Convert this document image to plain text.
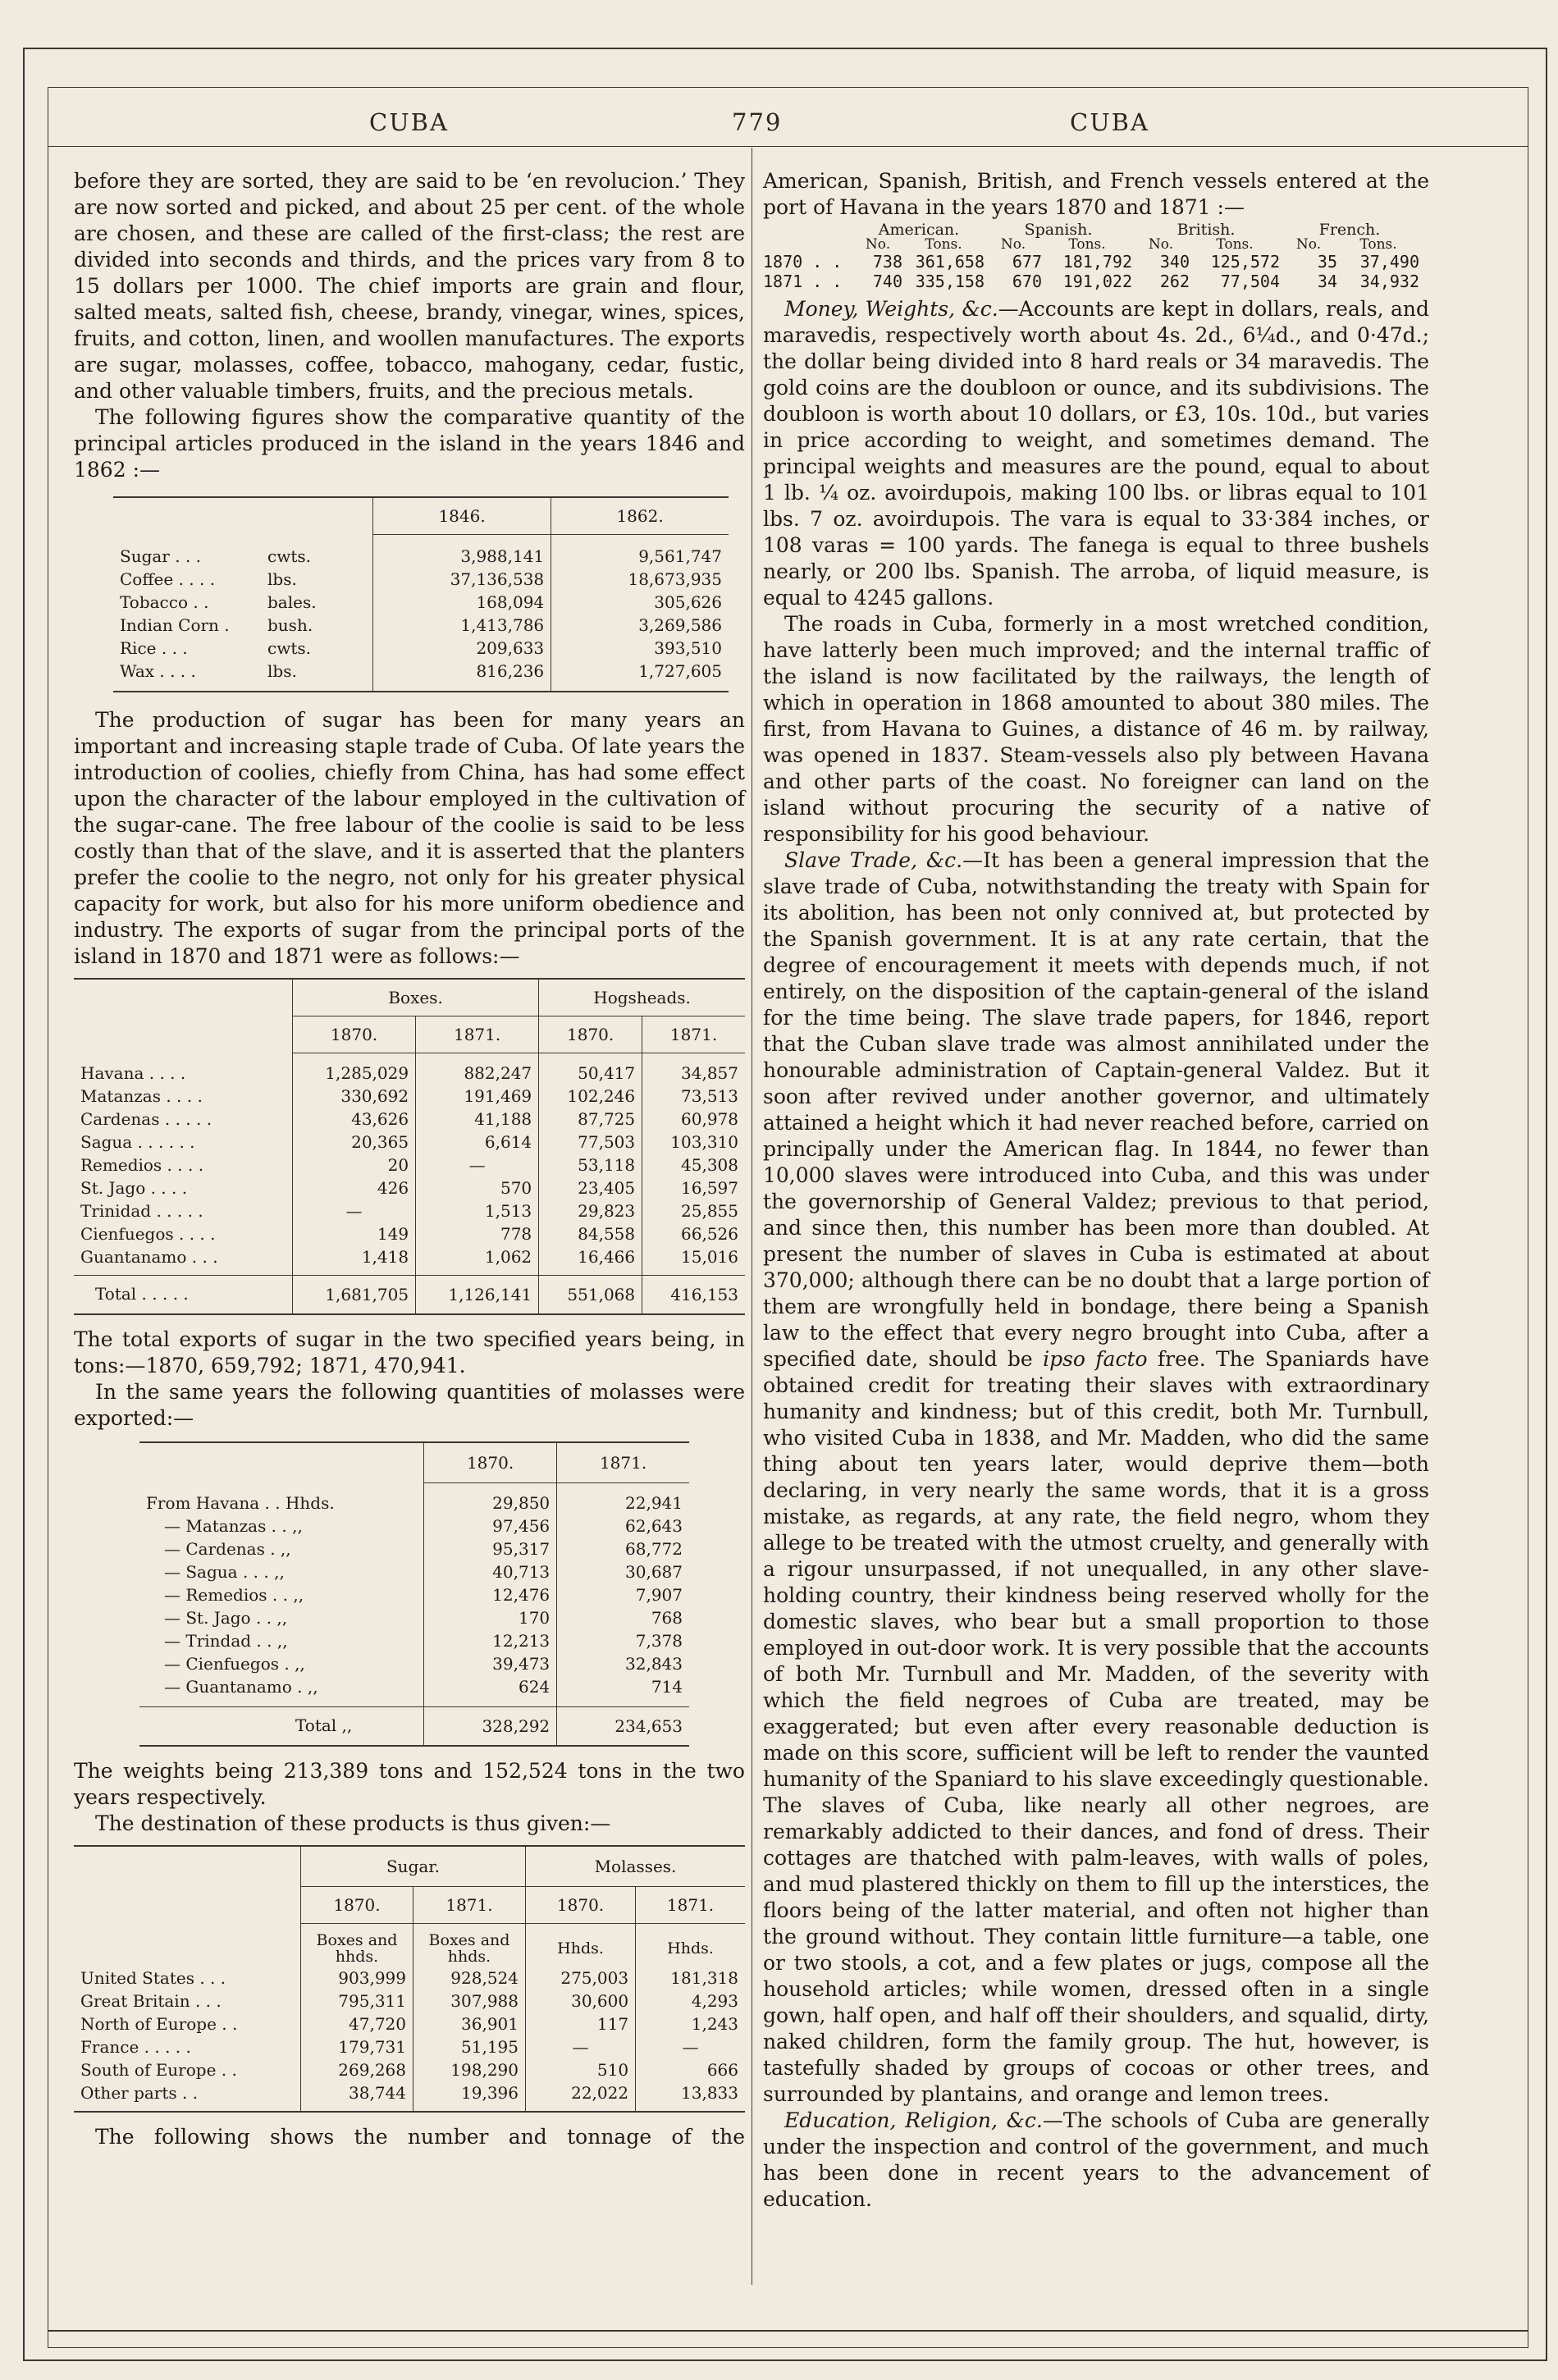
CUBA	779	CUBA

before they are sorted, they are said to be ‘en revolucion.’ They are now sorted and picked, and about 25 per cent. of the whole are chosen, and these are called of the first-class; the rest are divided into seconds and thirds, and the prices vary from 8 to 15 dollars per 1000. The chief imports are grain and flour, salted meats, salted fish, cheese, brandy, vinegar, wines, spices, fruits, and cotton, linen, and woollen manufactures. The exports are sugar, molasses, coffee, tobacco, mahogany, cedar, fustic, and other valuable timbers, fruits, and the precious metals.

The following figures show the comparative quantity of the principal articles produced in the island in the years 1846 and 1862 :—

	1846.	1862.
Sugar . . . cwts.	3,988,141	9,561,747
Coffee . . . . lbs.	37,136,538	18,673,935
Tobacco . . bales.	168,094	305,626
Indian Corn . bush.	1,413,786	3,269,586
Rice . . . cwts.	209,633	393,510
Wax . . . . lbs.	816,236	1,727,605

The production of sugar has been for many years an important and increasing staple trade of Cuba. Of late years the introduction of coolies, chiefly from China, has had some effect upon the character of the labour employed in the cultivation of the sugar-cane. The free labour of the coolie is said to be less costly than that of the slave, and it is asserted that the planters prefer the coolie to the negro, not only for his greater physical capacity for work, but also for his more uniform obedience and industry. The exports of sugar from the principal ports of the island in 1870 and 1871 were as follows:—

	Boxes.		Hogsheads.	
	1870.	1871.	1870.	1871.
Havana . . . .	1,285,029	882,247	50,417	34,857
Matanzas . . . .	330,692	191,469	102,246	73,513
Cardenas . . . . .	43,626	41,188	87,725	60,978
Sagua . . . . . .	20,365	6,614	77,503	103,310
Remedios . . . .	20	—	53,118	45,308
St. Jago . . . .	426	570	23,405	16,597
Trinidad . . . . .	—	1,513	29,823	25,855
Cienfuegos . . . .	149	778	84,558	66,526
Guantanamo . . .	1,418	1,062	16,466	15,016
Total . . . . .	1,681,705	1,126,141	551,068	416,153

The total exports of sugar in the two specified years being, in tons:—1870, 659,792; 1871, 470,941.

In the same years the following quantities of molasses were exported:—

	1870.	1871.
From Havana . . Hhds.	29,850	22,941
— Matanzas . . ,,	97,456	62,643
— Cardenas . ,,	95,317	68,772
— Sagua . . . ,,	40,713	30,687
— Remedios . . ,,	12,476	7,907
— St. Jago . . ,,	170	768
— Trindad . . ,,	12,213	7,378
— Cienfuegos . ,,	39,473	32,843
— Guantanamo . ,,	624	714
Total ,,	328,292	234,653

The weights being 213,389 tons and 152,524 tons in the two years respectively.

The destination of these products is thus given:—

	Sugar.		Molasses.	
	1870.	1871.	1870.	1871.
	Boxes and hhds.	Boxes and hhds.	Hhds.	Hhds.
United States . . .	903,999	928,524	275,003	181,318
Great Britain . . .	795,311	307,988	30,600	4,293
North of Europe . .	47,720	36,901	117	1,243
France . . . . .	179,731	51,195	—	—
South of Europe . .	269,268	198,290	510	666
Other parts . .	38,744	19,396	22,022	13,833

The following shows the number and tonnage of the

American, Spanish, British, and French vessels entered at the port of Havana in the years 1870 and 1871 :—

American.	Spanish.	British.	French.
No.	Tons.	No.	Tons.	No.	Tons.	No.	Tons.
1870 . .	738 361,658	677	181,792	340	125,572	35	37,490
1871 . .	740 335,158	670	191,022	262	77,504	34	34,932

Money, Weights, &c.—Accounts are kept in dollars, reals, and maravedis, respectively worth about 4s. 2d., 6¼d., and 0·47d.; the dollar being divided into 8 hard reals or 34 maravedis. The gold coins are the doubloon or ounce, and its subdivisions. The doubloon is worth about 10 dollars, or £3, 10s. 10d., but varies in price according to weight, and sometimes demand. The principal weights and measures are the pound, equal to about 1 lb. ¼ oz. avoirdupois, making 100 lbs. or libras equal to 101 lbs. 7 oz. avoirdupois. The vara is equal to 33·384 inches, or 108 varas = 100 yards. The fanega is equal to three bushels nearly, or 200 lbs. Spanish. The arroba, of liquid measure, is equal to 4245 gallons.

The roads in Cuba, formerly in a most wretched condition, have latterly been much improved; and the internal traffic of the island is now facilitated by the railways, the length of which in operation in 1868 amounted to about 380 miles. The first, from Havana to Guines, a distance of 46 m. by railway, was opened in 1837. Steam-vessels also ply between Havana and other parts of the coast. No foreigner can land on the island without procuring the security of a native of responsibility for his good behaviour.

Slave Trade, &c.—It has been a general impression that the slave trade of Cuba, notwithstanding the treaty with Spain for its abolition, has been not only connived at, but protected by the Spanish government. It is at any rate certain, that the degree of encouragement it meets with depends much, if not entirely, on the disposition of the captain-general of the island for the time being. The slave trade papers, for 1846, report that the Cuban slave trade was almost annihilated under the honourable administration of Captain-general Valdez. But it soon after revived under another governor, and ultimately attained a height which it had never reached before, carried on principally under the American flag. In 1844, no fewer than 10,000 slaves were introduced into Cuba, and this was under the governorship of General Valdez; previous to that period, and since then, this number has been more than doubled. At present the number of slaves in Cuba is estimated at about 370,000; although there can be no doubt that a large portion of them are wrongfully held in bondage, there being a Spanish law to the effect that every negro brought into Cuba, after a specified date, should be ipso facto free. The Spaniards have obtained credit for treating their slaves with extraordinary humanity and kindness; but of this credit, both Mr. Turnbull, who visited Cuba in 1838, and Mr. Madden, who did the same thing about ten years later, would deprive them—both declaring, in very nearly the same words, that it is a gross mistake, as regards, at any rate, the field negro, whom they allege to be treated with the utmost cruelty, and generally with a rigour unsurpassed, if not unequalled, in any other slave-holding country, their kindness being reserved wholly for the domestic slaves, who bear but a small proportion to those employed in out-door work. It is very possible that the accounts of both Mr. Turnbull and Mr. Madden, of the severity with which the field negroes of Cuba are treated, may be exaggerated; but even after every reasonable deduction is made on this score, sufficient will be left to render the vaunted humanity of the Spaniard to his slave exceedingly questionable. The slaves of Cuba, like nearly all other negroes, are remarkably addicted to their dances, and fond of dress. Their cottages are thatched with palm-leaves, with walls of poles, and mud plastered thickly on them to fill up the interstices, the floors being of the latter material, and often not higher than the ground without. They contain little furniture—a table, one or two stools, a cot, and a few plates or jugs, compose all the household articles; while women, dressed often in a single gown, half open, and half off their shoulders, and squalid, dirty, naked children, form the family group. The hut, however, is tastefully shaded by groups of cocoas or other trees, and surrounded by plantains, and orange and lemon trees.

Education, Religion, &c.—The schools of Cuba are generally under the inspection and control of the government, and much has been done in recent years to the advancement of education.
